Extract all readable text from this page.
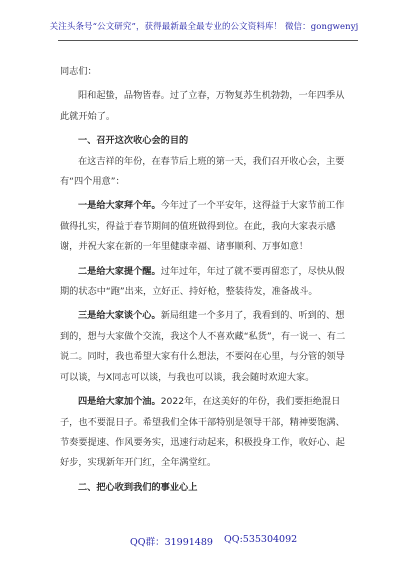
关注头条号“公文研究”，获得最新最全最专业的公文资料库！ 微信：gongwenyj

同志们：

阳和起蛰，品物皆春。过了立春，万物复苏生机勃勃，一年四季从此就开始了。

一、召开这次收心会的目的

在这吉祥的年份，在春节后上班的第一天，我们召开收心会，主要有“四个用意”：

一是给大家拜个年。今年过了一个平安年，这得益于大家节前工作做得扎实，得益于春节期间的值班做得到位。在此，我向大家表示感谢，并祝大家在新的一年里健康幸福、诸事顺利、万事如意！

二是给大家提个醒。过年过年，年过了就不要再留恋了，尽快从假期的状态中“跑”出来，立好正、持好枪，整装待发，准备战斗。

三是给大家谈个心。新局组建一个多月了，我看到的、听到的、想到的，想与大家做个交流，我这个人不喜欢藏“私货”，有一说一、有二说二。同时，我也希望大家有什么想法，不要闷在心里，与分管的领导可以谈，与X同志可以谈，与我也可以谈，我会随时欢迎大家。

四是给大家加个油。2022年，在这美好的年份，我们要拒绝混日子，也不要混日子。希望我们全体干部特别是领导干部，精神要饱满、节奏要提速、作风要务实，迅速行动起来，积极投身工作，收好心、起好步，实现新年开门红，全年满堂红。

二、把心收到我们的事业心上

QQ群：31991489 QQ:535304092
